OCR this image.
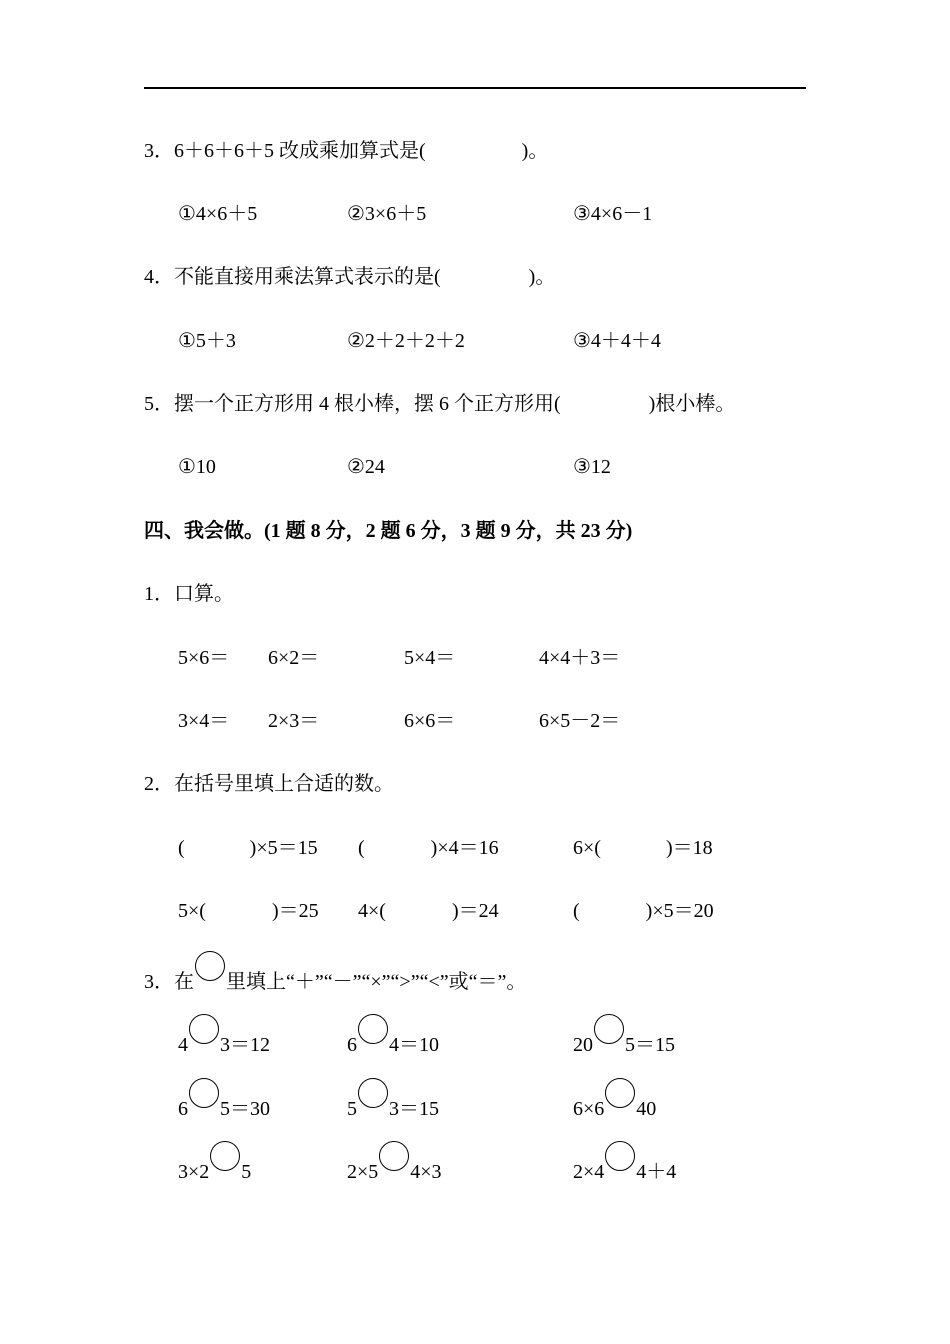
3．6＋6＋6＋5 改成乘加算式是(	)。
①4×6＋5	②3×6＋5	③4×6－1
4．不能直接用乘法算式表示的是(	)。
①5＋3	②2＋2＋2＋2	③4＋4＋4
5．摆一个正方形用 4 根小棒，摆 6 个正方形用(	)根小棒。
①10	②24	③12
四、我会做。(1 题 8 分，2 题 6 分，3 题 9 分，共 23 分)
1．口算。
5×6＝ 6×2＝	5×4＝	4×4＋3＝
3×4＝ 2×3＝	6×6＝	6×5－2＝
2．在括号里填上合适的数。
(	)×5＝15 (	)×4＝16	6×(	)＝18
5×(	)＝25 4×(	)＝24	(	)×5＝20
3．在 里填上“＋”“－”“×”“>”“<”或“＝”。
4 3＝12	6 4＝10	20 5＝15
6 5＝30	5 3＝15	6×6 40
3×2 5	2×5 4×3	2×4 4＋4
